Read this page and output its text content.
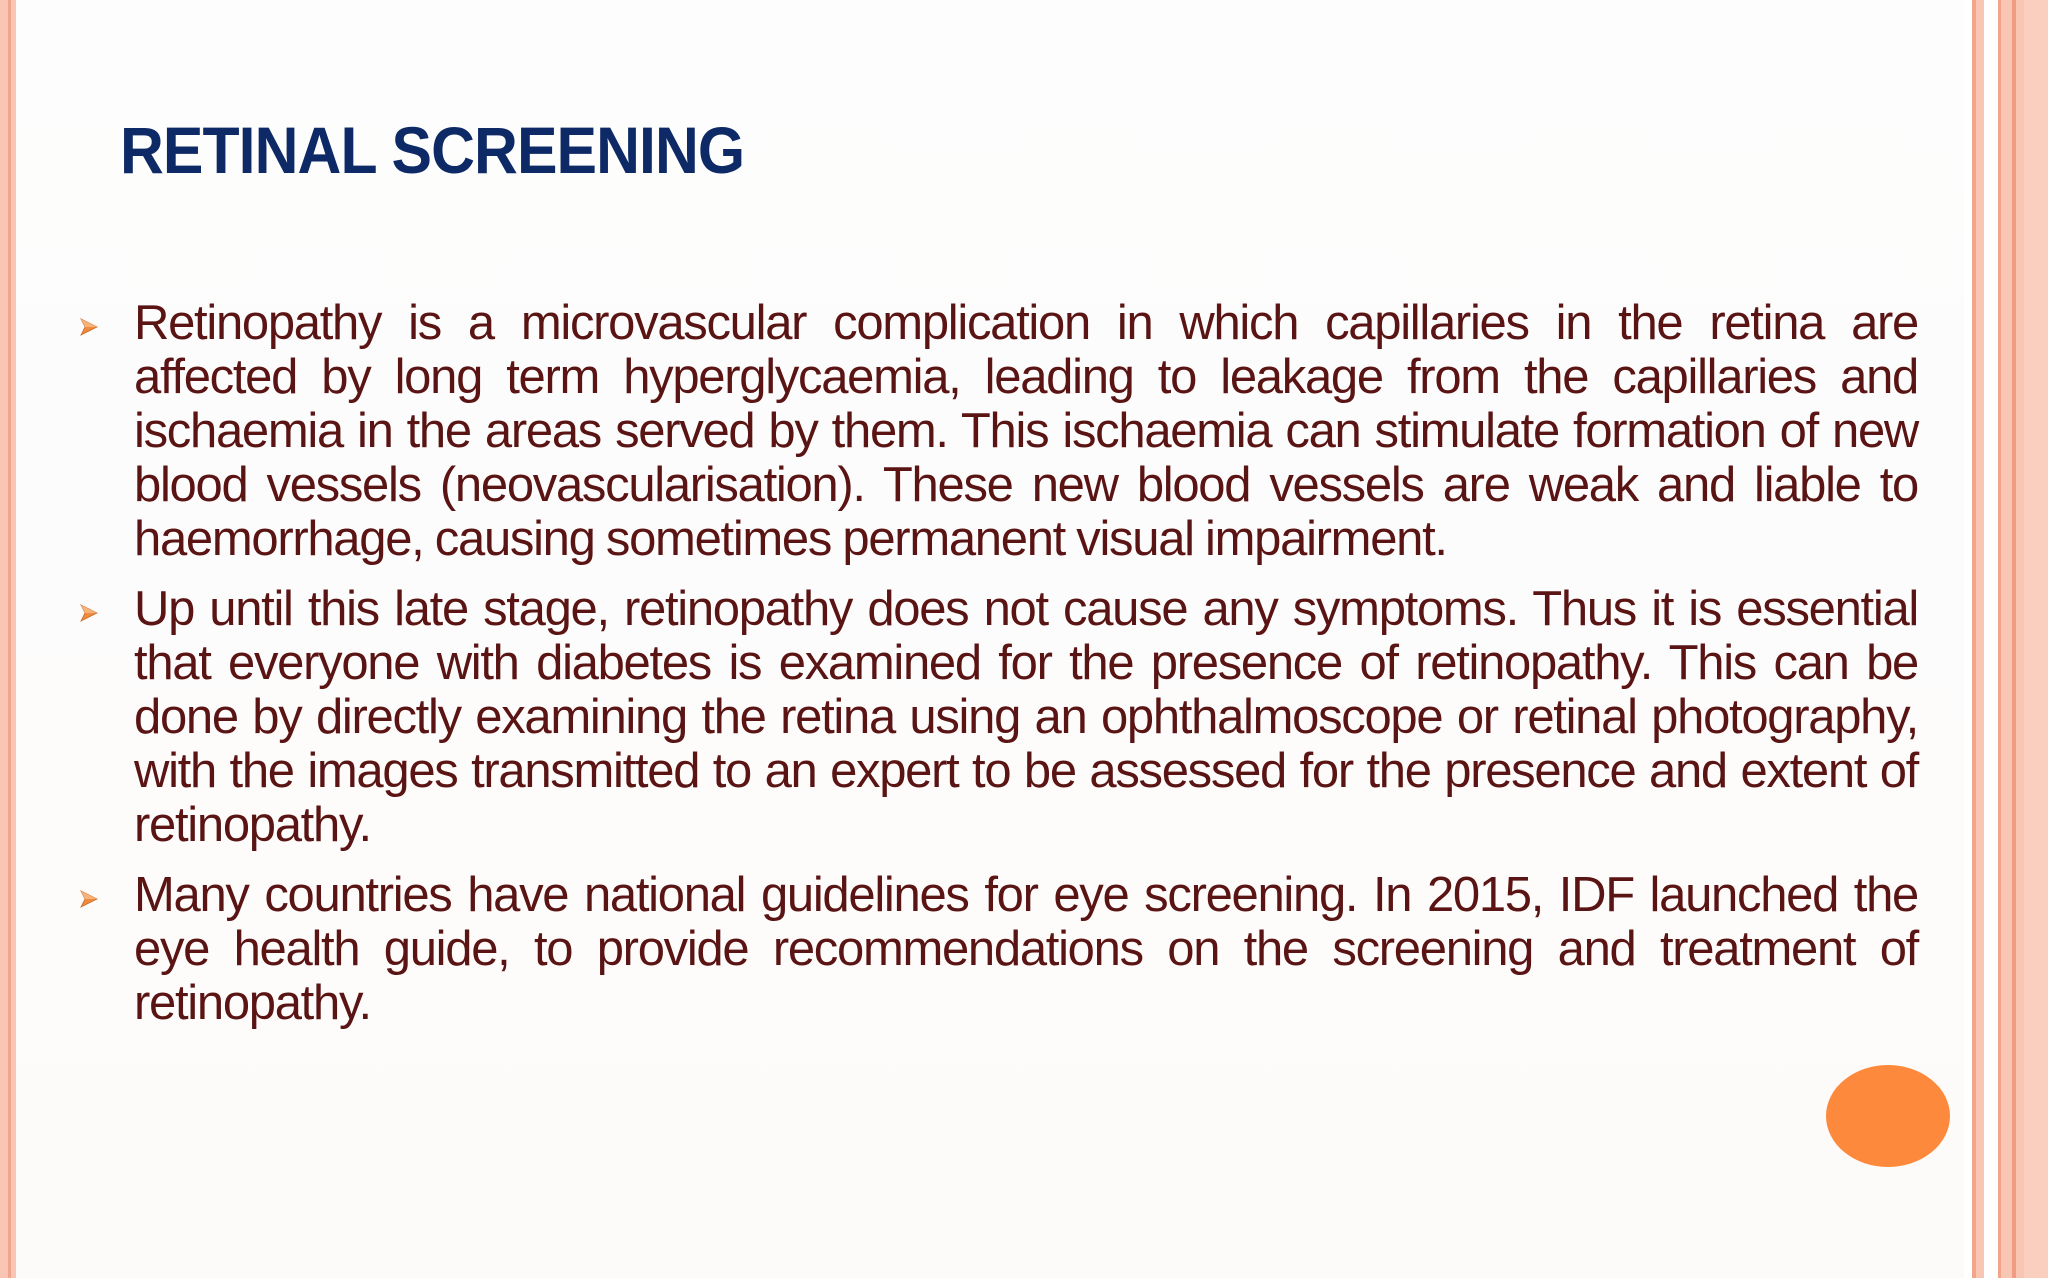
RETINAL SCREENING
Retinopathy is a microvascular complication in which capillaries in the retina are affected by long term hyperglycaemia, leading to leakage from the capillaries and ischaemia in the areas served by them. This ischaemia can stimulate formation of new blood vessels (neovascularisation). These new blood vessels are weak and liable to haemorrhage, causing sometimes permanent visual impairment.
Up until this late stage, retinopathy does not cause any symptoms. Thus it is essential that everyone with diabetes is examined for the presence of retinopathy. This can be done by directly examining the retina using an ophthalmoscope or retinal photography, with the images transmitted to an expert to be assessed for the presence and extent of retinopathy.
Many countries have national guidelines for eye screening. In 2015, IDF launched the eye health guide, to provide recommendations on the screening and treatment of retinopathy.
